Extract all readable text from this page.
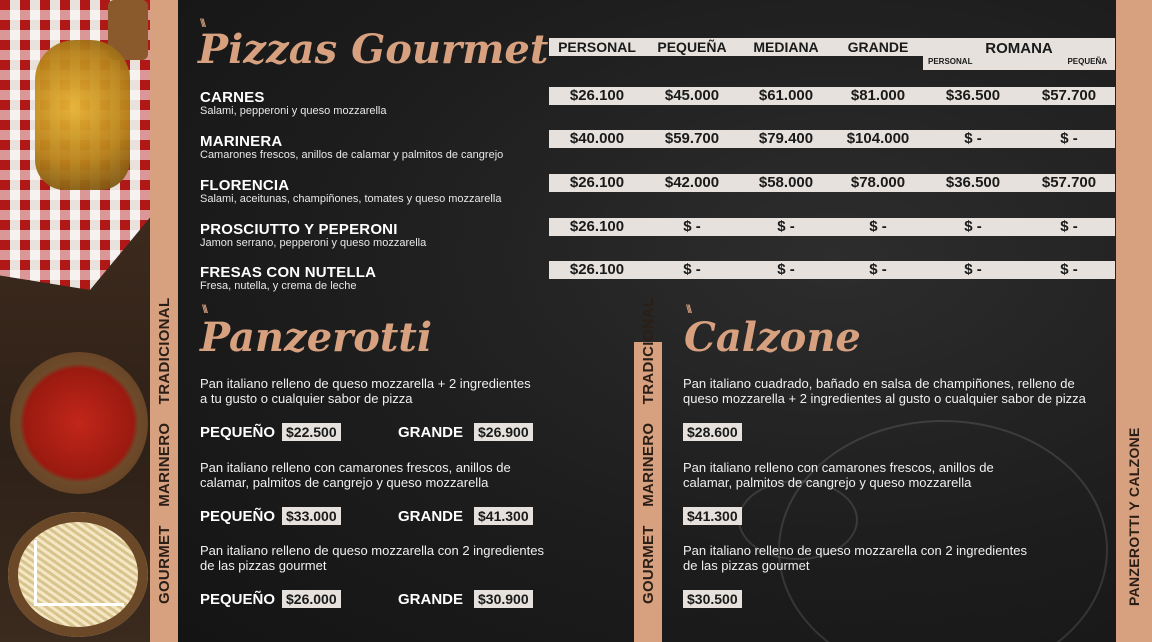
GOURMET MARINERO TRADICIONAL
\\\
Pizzas Gourmet PERSONAL	PEQUEÑA	MEDIANA	GRANDE	ROMANA
PERSONAL	PEQUEÑA
CARNES
Salami, pepperoni y queso mozzarella
$26.100	$45.000	$61.000	$81.000	$36.500	$57.700
MARINERA
Camarones frescos, anillos de calamar y palmitos de cangrejo
$40.000	$59.700	$79.400	$104.000	$ -	$ -
FLORENCIA
Salami, aceitunas, champiñones, tomates y queso mozzarella
$26.100	$42.000	$58.000	$78.000	$36.500	$57.700
PROSCIUTTO Y PEPERONI
Jamon serrano, pepperoni y queso mozzarella
$26.100	$ -	$ -	$ -	$ -	$ -
FRESAS CON NUTELLA
Fresa, nutella, y crema de leche
$26.100	$ -	$ -	$ -	$ -	$ -
\\\
Panzerotti
Pan italiano relleno de queso mozzarella + 2 ingredientes
a tu gusto o cualquier sabor de pizza
PEQUEÑO $22.500	GRANDE $26.900
Pan italiano relleno con camarones frescos, anillos de
calamar, palmitos de cangrejo y queso mozzarella
PEQUEÑO $33.000	GRANDE $41.300
Pan italiano relleno de queso mozzarella con 2 ingredientes
de las pizzas gourmet
PEQUEÑO $26.000	GRANDE $30.900
\\\
Calzone
Pan italiano cuadrado, bañado en salsa de champiñones, relleno de
queso mozzarella + 2 ingredientes al gusto o cualquier sabor de pizza
$28.600
Pan italiano relleno con camarones frescos, anillos de
calamar, palmitos de cangrejo y queso mozzarella
$41.300
Pan italiano relleno de queso mozzarella con 2 ingredientes
de las pizzas gourmet
$30.500
GOURMET MARINERO TRADICIONAL
PANZEROTTI Y CALZONE
